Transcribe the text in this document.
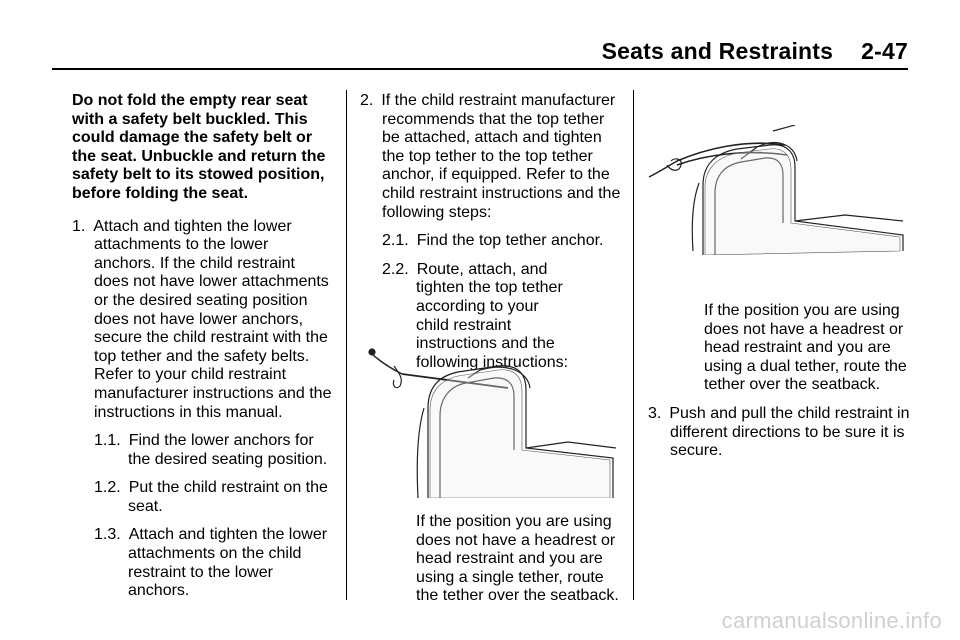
Seats and Restraints 2-47

Do not fold the empty rear seat with a safety belt buckled. This could damage the safety belt or the seat. Unbuckle and return the safety belt to its stowed position, before folding the seat.

1.  Attach and tighten the lower attachments to the lower anchors. If the child restraint does not have lower attachments or the desired seating position does not have lower anchors, secure the child restraint with the top tether and the safety belts. Refer to your child restraint manufacturer instructions and the instructions in this manual.

1.1.  Find the lower anchors for the desired seating position.

1.2.  Put the child restraint on the seat.

1.3.  Attach and tighten the lower attachments on the child restraint to the lower anchors.

2.  If the child restraint manufacturer recommends that the top tether be attached, attach and tighten the top tether to the top tether anchor, if equipped. Refer to the child restraint instructions and the following steps:

2.1.  Find the top tether anchor.

2.2.  Route, attach, and tighten the top tether according to your child restraint instructions and the following instructions:

If the position you are using does not have a headrest or head restraint and you are using a single tether, route the tether over the seatback.
If the position you are using does not have a headrest or head restraint and you are using a dual tether, route the tether over the seatback.

3.  Push and pull the child restraint in different directions to be sure it is secure.

carmanualsonline.info
